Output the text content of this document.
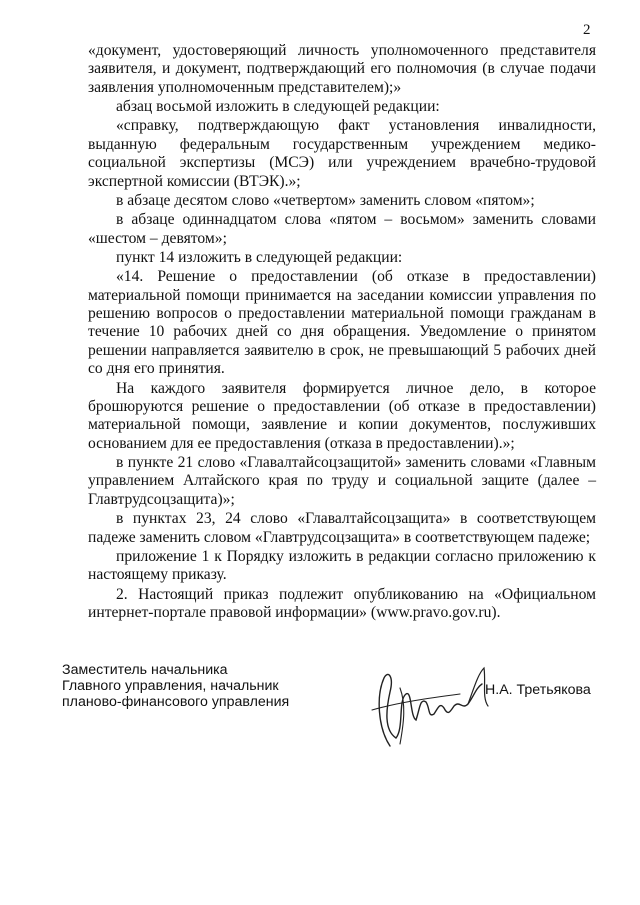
2

«документ, удостоверяющий личность уполномоченного представителя заявителя, и документ, подтверждающий его полномочия (в случае подачи заявления уполномоченным представителем);»

абзац восьмой изложить в следующей редакции:

«справку, подтверждающую факт установления инвалидности, выданную федеральным государственным учреждением медико-социальной экспертизы (МСЭ) или учреждением врачебно-трудовой экспертной комиссии (ВТЭК).»;

в абзаце десятом слово «четвертом» заменить словом «пятом»;

в абзаце одиннадцатом слова «пятом – восьмом» заменить словами «шестом – девятом»;

пункт 14 изложить в следующей редакции:

«14. Решение о предоставлении (об отказе в предоставлении) материальной помощи принимается на заседании комиссии управления по решению вопросов о предоставлении материальной помощи гражданам в течение 10 рабочих дней со дня обращения. Уведомление о принятом решении направляется заявителю в срок, не превышающий 5 рабочих дней со дня его принятия.

На каждого заявителя формируется личное дело, в которое брошюруются решение о предоставлении (об отказе в предоставлении) материальной помощи, заявление и копии документов, послуживших основанием для ее предоставления (отказа в предоставлении).»;

в пункте 21 слово «Главалтайсоцзащитой» заменить словами «Главным управлением Алтайского края по труду и социальной защите (далее – Главтрудсоцзащита)»;

в пунктах 23, 24 слово «Главалтайсоцзащита» в соответствующем падеже заменить словом «Главтрудсоцзащита» в соответствующем падеже;

приложение 1 к Порядку изложить в редакции согласно приложению к настоящему приказу.

2. Настоящий приказ подлежит опубликованию на «Официальном интернет-портале правовой информации» (www.pravo.gov.ru).

Заместитель начальника
Главного управления, начальник
планово-финансового управления
Н.А. Третьякова
